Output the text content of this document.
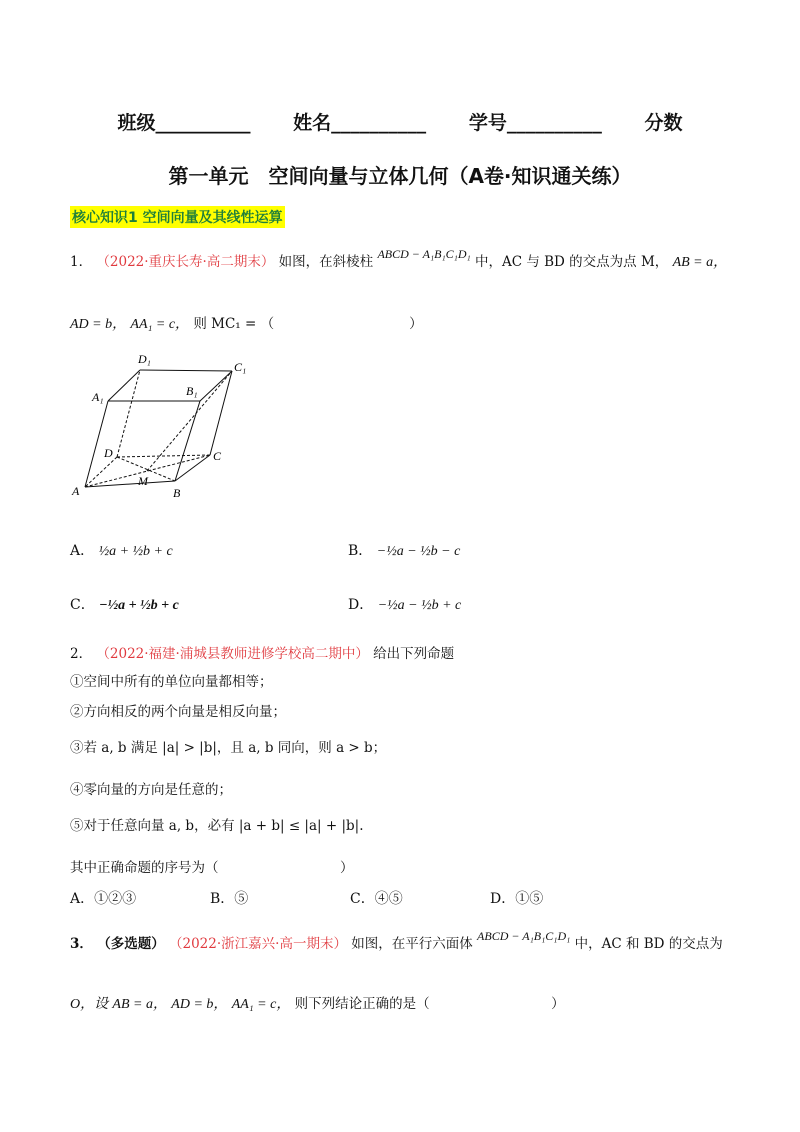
班级__________ 姓名__________ 学号__________ 分数
第一单元　空间向量与立体几何（A卷·知识通关练）
核心知识1 空间向量及其线性运算
1． （2022·重庆长寿·高二期末） 如图，在斜棱柱 ABCD − A₁B₁C₁D₁ 中，AC 与 BD 的交点为点 M， AB = a，
AD = b， AA₁ = c， 则 MC₁ = （　　　　　　　　　　）
A	B
C
D
A₁	B₁
C₁
D₁
M
A． ½a + ½b + c	B． −½a − ½b − c
C． −½a + ½b + c	D． −½a − ½b + c
2． （2022·福建·浦城县教师进修学校高二期中） 给出下列命题
①空间中所有的单位向量都相等；
②方向相反的两个向量是相反向量；
③若 a, b 满足 |a| > |b|，且 a, b 同向，则 a > b；
④零向量的方向是任意的；
⑤对于任意向量 a, b，必有 |a + b| ≤ |a| + |b|.
其中正确命题的序号为（　　　　　　　　　）
A．①②③	B．⑤	C．④⑤	D．①⑤
3． （多选题） （2022·浙江嘉兴·高一期末） 如图，在平行六面体 ABCD − A₁B₁C₁D₁ 中，AC 和 BD 的交点为
O，设 AB = a， AD = b， AA₁ = c， 则下列结论正确的是（　　　　　　　　　）
